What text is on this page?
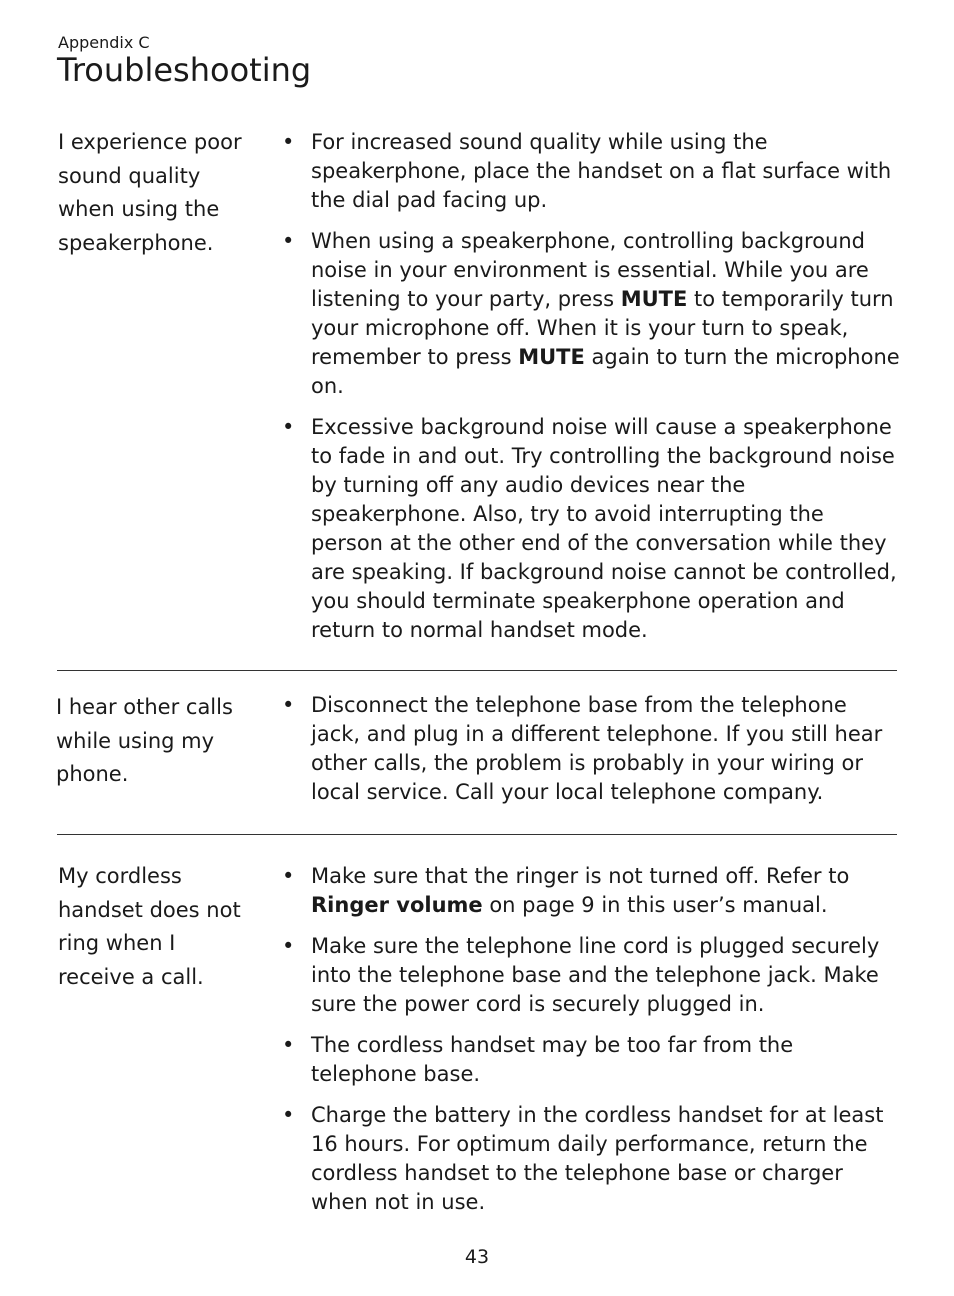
Appendix C
Troubleshooting
I experience poor sound quality when using the speakerphone.
• For increased sound quality while using the speakerphone, place the handset on a flat surface with the dial pad facing up.
• When using a speakerphone, controlling background noise in your environment is essential. While you are listening to your party, press MUTE to temporarily turn your microphone off. When it is your turn to speak, remember to press MUTE again to turn the microphone on.
• Excessive background noise will cause a speakerphone to fade in and out. Try controlling the background noise by turning off any audio devices near the speakerphone. Also, try to avoid interrupting the person at the other end of the conversation while they are speaking. If background noise cannot be controlled, you should terminate speakerphone operation and return to normal handset mode.
I hear other calls while using my phone.
• Disconnect the telephone base from the telephone jack, and plug in a different telephone. If you still hear other calls, the problem is probably in your wiring or local service. Call your local telephone company.
My cordless handset does not ring when I receive a call.
• Make sure that the ringer is not turned off. Refer to Ringer volume on page 9 in this user’s manual.
• Make sure the telephone line cord is plugged securely into the telephone base and the telephone jack. Make sure the power cord is securely plugged in.
• The cordless handset may be too far from the telephone base.
• Charge the battery in the cordless handset for at least 16 hours. For optimum daily performance, return the cordless handset to the telephone base or charger when not in use.
43
